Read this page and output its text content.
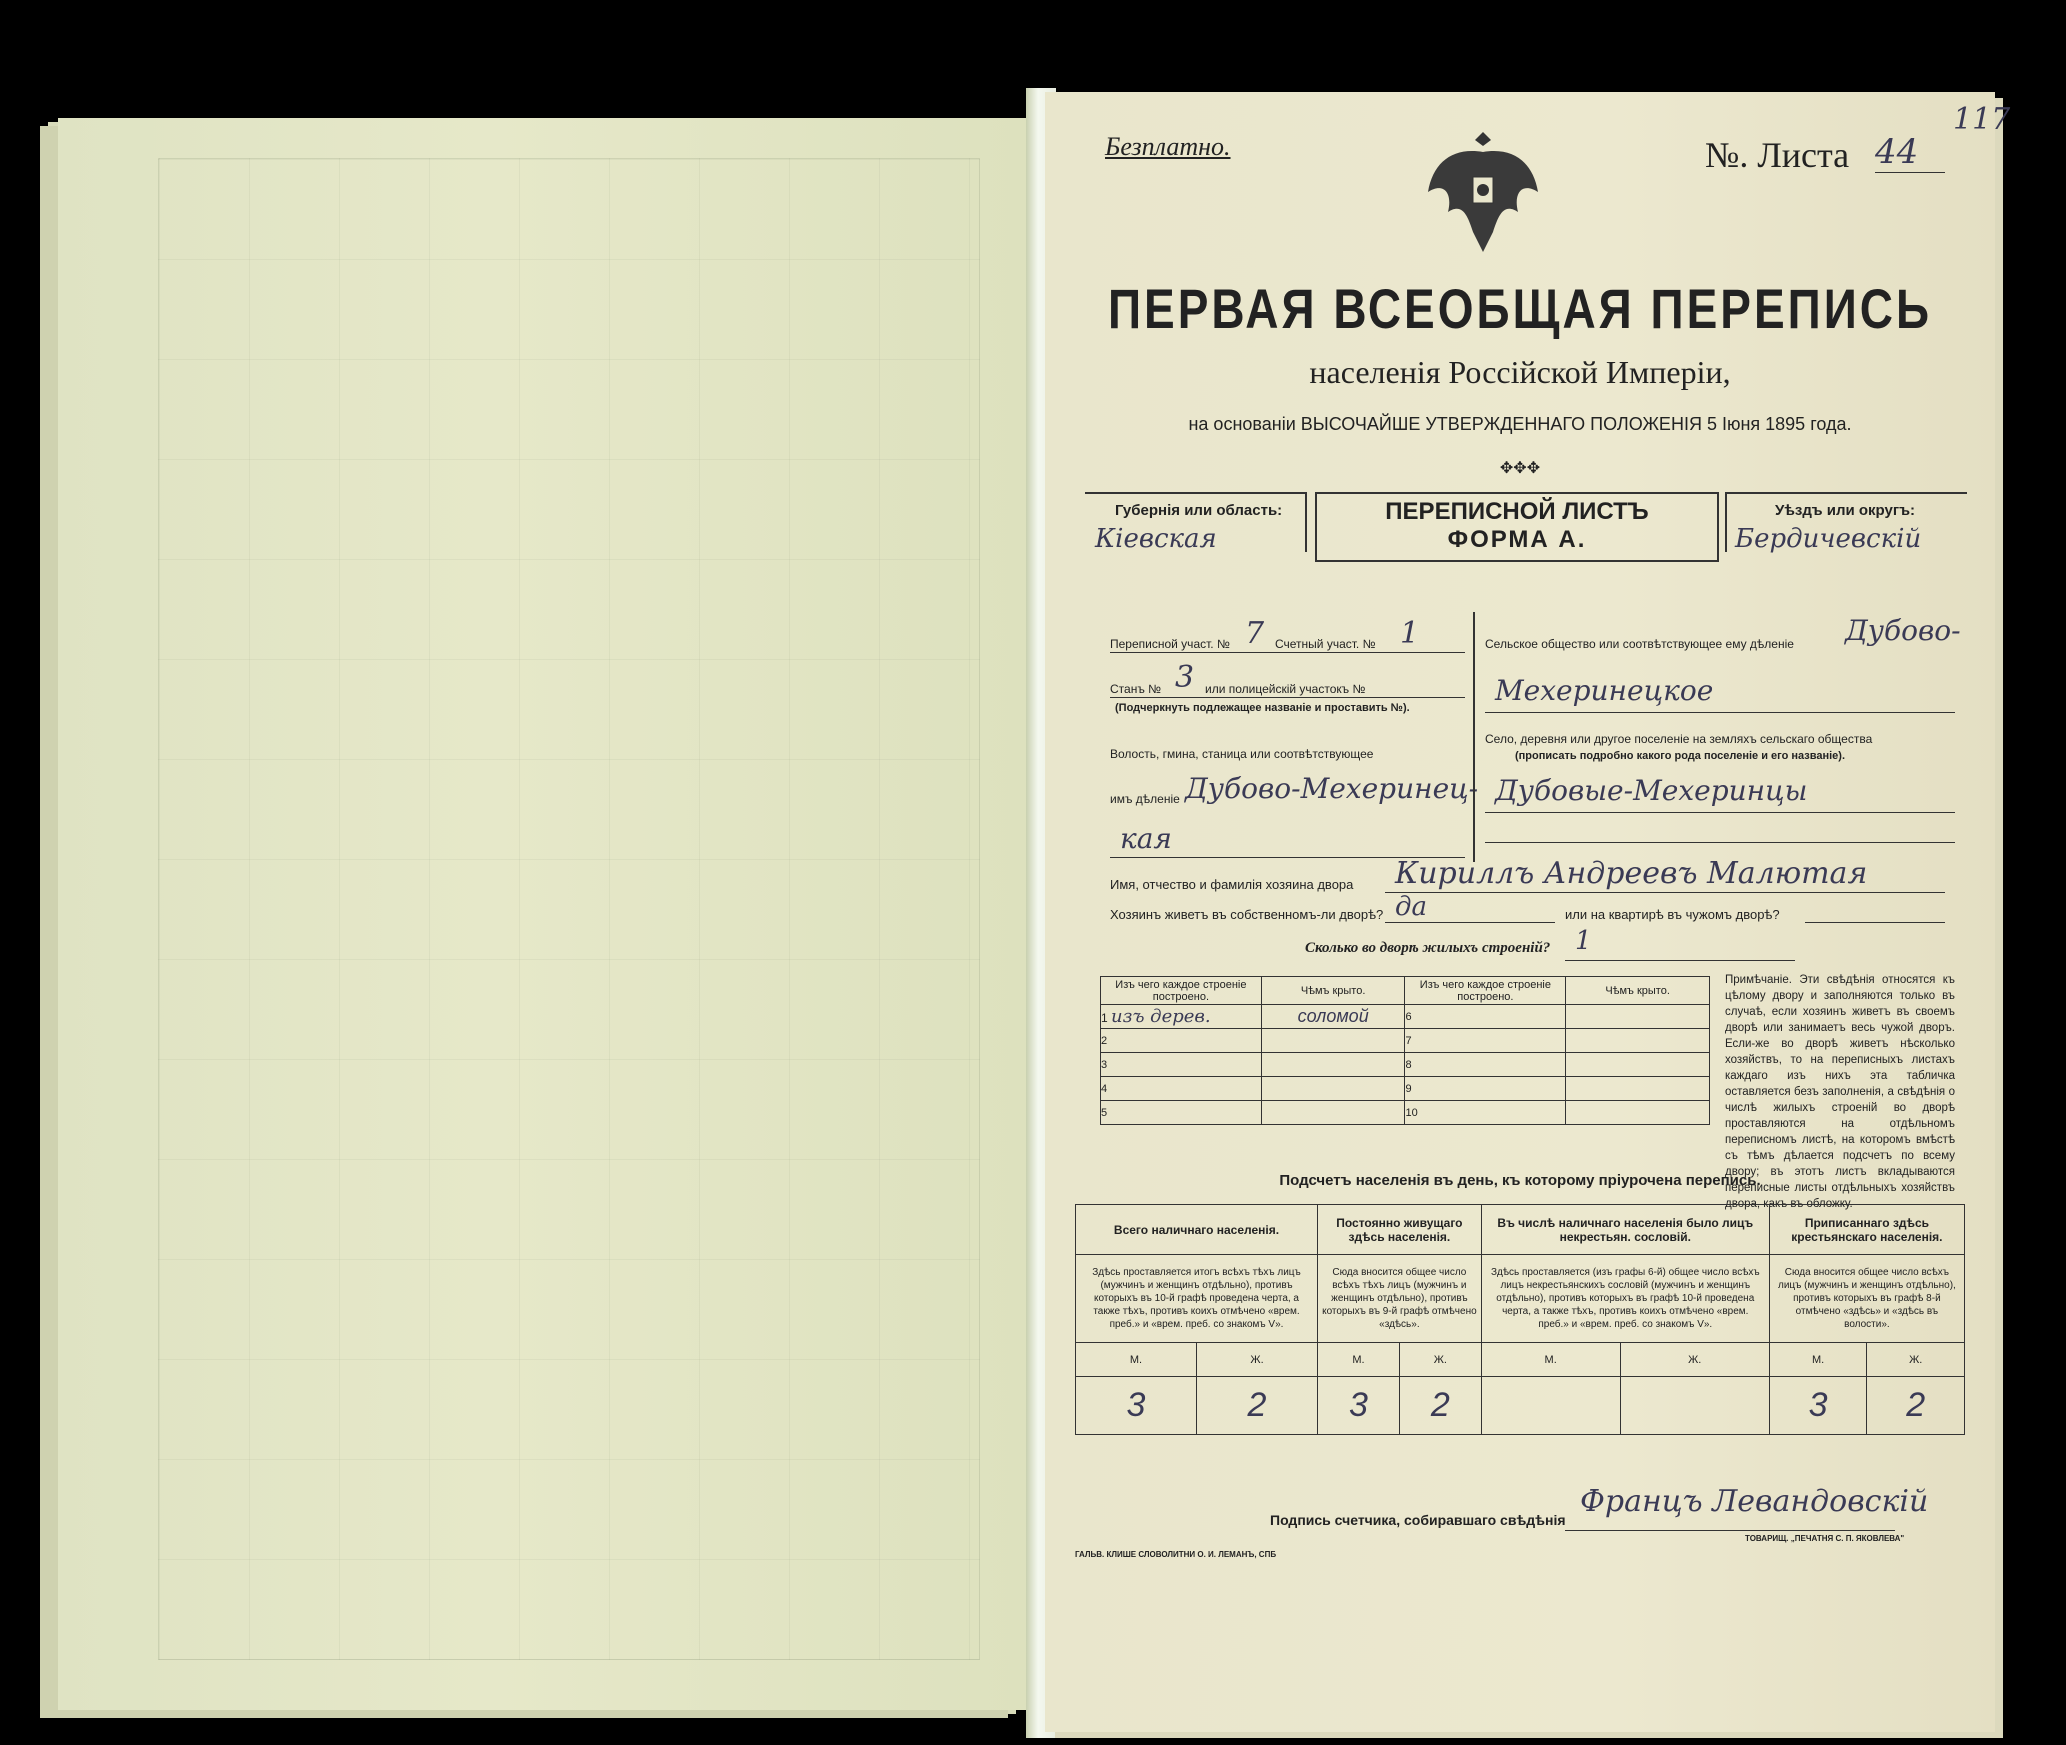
Безплатно.	№. Листа 44
117
ПЕРВАЯ ВСЕОБЩАЯ ПЕРЕПИСЬ
населенія Россійской Имперіи,
на основаніи ВЫСОЧАЙШЕ УТВЕРЖДЕННАГО ПОЛОЖЕНІЯ 5 Іюня 1895 года.
✥✥✥
Губернія или область:
Кіевская
ПЕРЕПИСНОЙ ЛИСТЪ
ФОРМА А.
Уѣздъ или округъ:
Бердичевскій
Переписной участ. № 7 Счетный участ. № 1
Станъ № 3 или полицейскій участокъ №
(Подчеркнуть подлежащее названіе и проставить №).
Волость, гмина, станица или соотвѣтствующее
имъ дѣленіе Дубово-Мехеринец-
кая
Сельское общество или соотвѣтствующее ему дѣленіе Дубово-
Мехеринецкое
Село, деревня или другое поселеніе на земляхъ сельскаго общества
(прописать подробно какого рода поселеніе и его названіе).
Дубовые-Мехеринцы
Имя, отчество и фамилія хозяина двора Кириллъ Андреевъ Малютая
Хозяинъ живетъ въ собственномъ-ли дворѣ? да	или на квартирѣ въ чужомъ дворѣ?
Сколько во дворѣ жилыхъ строеній? 1
Изъ чего каждое строеніе построено.	Чѣмъ крыто.	Изъ чего каждое строеніе построено.	Чѣмъ крыто.
1 изъ дерев.	соломой	6	
2		7	
3		8	
4		9	
5		10	
Примѣчаніе. Эти свѣдѣнія относятся къ цѣлому двору и заполняются только въ случаѣ, если хозяинъ живетъ въ своемъ дворѣ или занимаетъ весь чужой дворъ. Если-же во дворѣ живетъ нѣсколько хозяйствъ, то на переписныхъ листахъ каждаго изъ нихъ эта табличка оставляется безъ заполненія, а свѣдѣнія о числѣ жилыхъ строеній во дворѣ проставляются на отдѣльномъ переписномъ листѣ, на которомъ вмѣстѣ съ тѣмъ дѣлается подсчетъ по всему двору; въ этотъ листъ вкладываются переписные листы отдѣльныхъ хозяйствъ двора, какъ въ обложку.
Подсчетъ населенія въ день, къ которому пріурочена перепись.
Всего наличнаго населенія.		Постоянно живущаго здѣсь населенія.		Въ числѣ наличнаго населенія было лицъ некрестьян. сословій.		Приписаннаго здѣсь крестьянскаго населенія.	
Здѣсь проставляется итогъ всѣхъ тѣхъ лицъ (мужчинъ и женщинъ отдѣльно), противъ которыхъ въ 10-й графѣ проведена черта, а также тѣхъ, противъ коихъ отмѣчено «врем. преб.» и «врем. преб. со знакомъ V».		Сюда вносится общее число всѣхъ тѣхъ лицъ (мужчинъ и женщинъ отдѣльно), противъ которыхъ въ 9-й графѣ отмѣчено «здѣсь».		Здѣсь проставляется (изъ графы 6-й) общее число всѣхъ лицъ некрестьянскихъ сословій (мужчинъ и женщинъ отдѣльно), противъ которыхъ въ графѣ 10-й проведена черта, а также тѣхъ, противъ коихъ отмѣчено «врем. преб.» и «врем. преб. со знакомъ V».		Сюда вносится общее число всѣхъ лицъ (мужчинъ и женщинъ отдѣльно), противъ которыхъ въ графѣ 8-й отмѣчено «здѣсь» и «здѣсь въ волости».	
М.	Ж.	М.	Ж.	М.	Ж.	М.	Ж.
3	2	3	2			3	2
Подпись счетчика, собиравшаго свѣдѣнія
Францъ Левандовскій
ГАЛЬВ. КЛИШЕ СЛОВОЛИТНИ О. И. ЛЕМАНЪ, СПБ
ТОВАРИЩ. „ПЕЧАТНЯ С. П. ЯКОВЛЕВА"
